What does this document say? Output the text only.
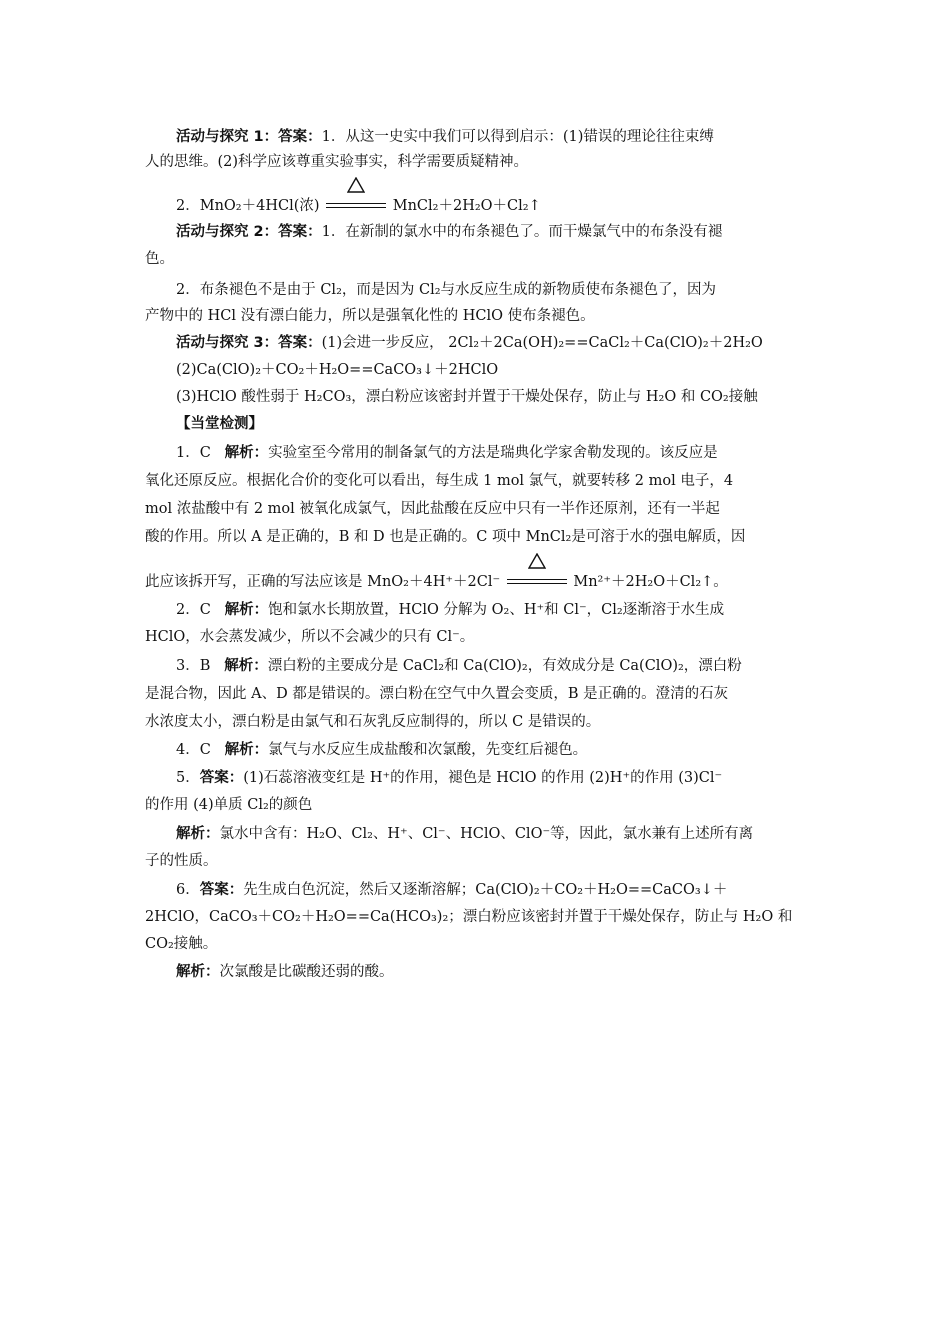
活动与探究 1：答案：1．从这一史实中我们可以得到启示：(1)错误的理论往往束缚
人的思维。(2)科学应该尊重实验事实，科学需要质疑精神。
2．MnO₂＋4HCl(浓)	MnCl₂＋2H₂O＋Cl₂↑
活动与探究 2：答案：1．在新制的氯水中的布条褪色了。而干燥氯气中的布条没有褪
色。
2．布条褪色不是由于 Cl₂，而是因为 Cl₂与水反应生成的新物质使布条褪色了，因为
产物中的 HCl 没有漂白能力，所以是强氧化性的 HClO 使布条褪色。
活动与探究 3：答案：(1)会进一步反应， 2Cl₂＋2Ca(OH)₂==CaCl₂＋Ca(ClO)₂＋2H₂O
(2)Ca(ClO)₂＋CO₂＋H₂O==CaCO₃↓＋2HClO
(3)HClO 酸性弱于 H₂CO₃，漂白粉应该密封并置于干燥处保存，防止与 H₂O 和 CO₂接触
【当堂检测】
1．C 解析：实验室至今常用的制备氯气的方法是瑞典化学家舍勒发现的。该反应是
氧化还原反应。根据化合价的变化可以看出，每生成 1 mol 氯气，就要转移 2 mol 电子，4
mol 浓盐酸中有 2 mol 被氧化成氯气，因此盐酸在反应中只有一半作还原剂，还有一半起
酸的作用。所以 A 是正确的，B 和 D 也是正确的。C 项中 MnCl₂是可溶于水的强电解质，因
此应该拆开写，正确的写法应该是 MnO₂＋4H⁺＋2Cl⁻	Mn²⁺＋2H₂O＋Cl₂↑。
2．C 解析：饱和氯水长期放置，HClO 分解为 O₂、H⁺和 Cl⁻，Cl₂逐渐溶于水生成
HClO，水会蒸发减少，所以不会减少的只有 Cl⁻。
3．B 解析：漂白粉的主要成分是 CaCl₂和 Ca(ClO)₂，有效成分是 Ca(ClO)₂，漂白粉
是混合物，因此 A、D 都是错误的。漂白粉在空气中久置会变质，B 是正确的。澄清的石灰
水浓度太小，漂白粉是由氯气和石灰乳反应制得的，所以 C 是错误的。
4．C 解析：氯气与水反应生成盐酸和次氯酸，先变红后褪色。
5．答案：(1)石蕊溶液变红是 H⁺的作用，褪色是 HClO 的作用 (2)H⁺的作用 (3)Cl⁻
的作用 (4)单质 Cl₂的颜色
解析：氯水中含有：H₂O、Cl₂、H⁺、Cl⁻、HClO、ClO⁻等，因此，氯水兼有上述所有离
子的性质。
6．答案：先生成白色沉淀，然后又逐渐溶解；Ca(ClO)₂＋CO₂＋H₂O==CaCO₃↓＋
2HClO，CaCO₃＋CO₂＋H₂O==Ca(HCO₃)₂；漂白粉应该密封并置于干燥处保存，防止与 H₂O 和
CO₂接触。
解析：次氯酸是比碳酸还弱的酸。
